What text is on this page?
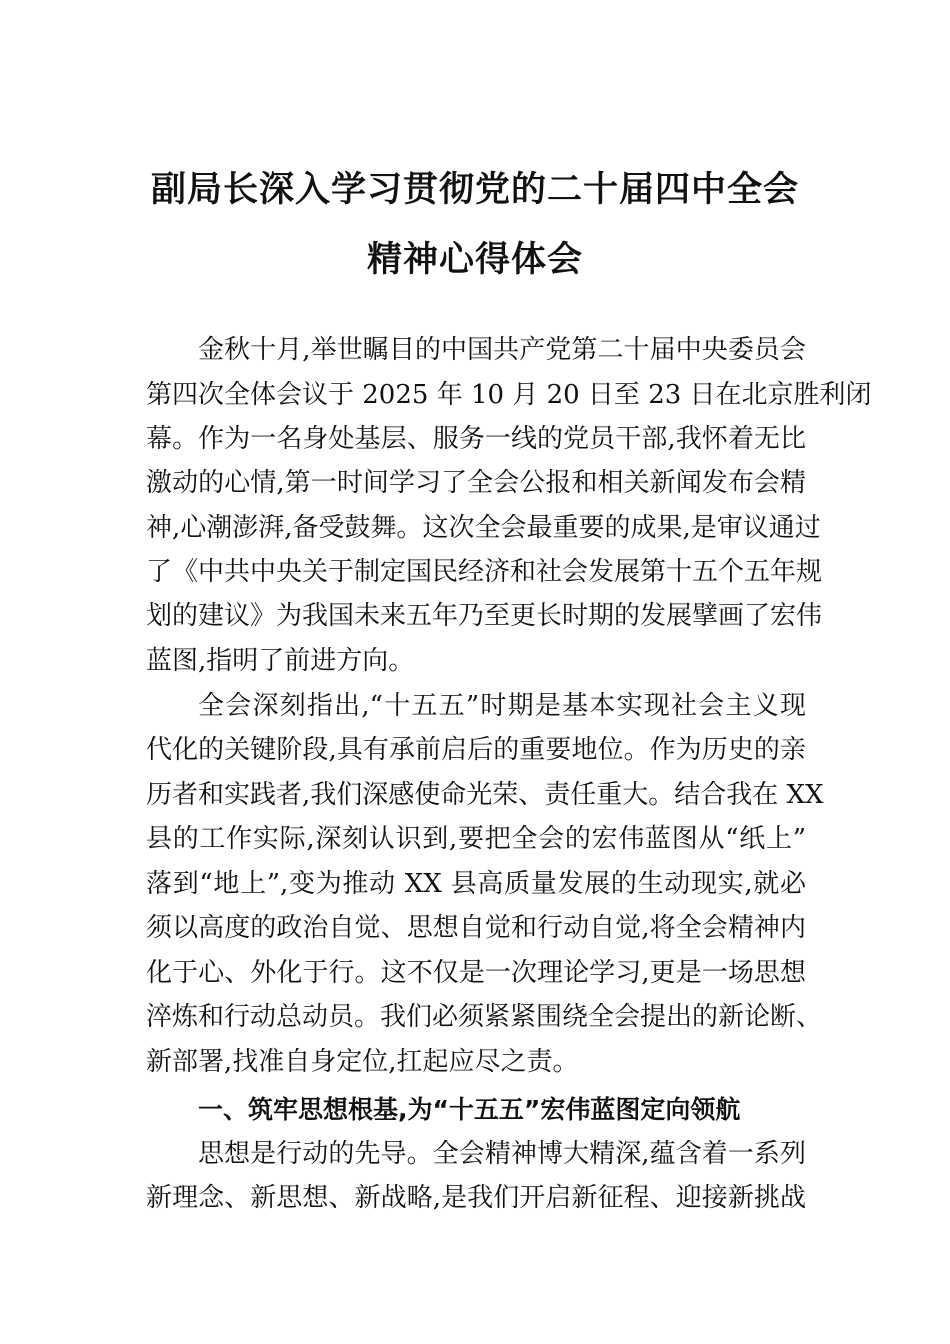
副局长深入学习贯彻党的二十届四中全会
精神心得体会
金秋十月,举世瞩目的中国共产党第二十届中央委员会
第四次全体会议于 2025 年 10 月 20 日至 23 日在北京胜利闭
幕。作为一名身处基层、服务一线的党员干部,我怀着无比
激动的心情,第一时间学习了全会公报和相关新闻发布会精
神,心潮澎湃,备受鼓舞。这次全会最重要的成果,是审议通过
了《中共中央关于制定国民经济和社会发展第十五个五年规
划的建议》为我国未来五年乃至更长时期的发展擘画了宏伟
蓝图,指明了前进方向。
全会深刻指出,“十五五”时期是基本实现社会主义现
代化的关键阶段,具有承前启后的重要地位。作为历史的亲
历者和实践者,我们深感使命光荣、责任重大。结合我在 XX
县的工作实际,深刻认识到,要把全会的宏伟蓝图从“纸上”
落到“地上”,变为推动 XX 县高质量发展的生动现实,就必
须以高度的政治自觉、思想自觉和行动自觉,将全会精神内
化于心、外化于行。这不仅是一次理论学习,更是一场思想
淬炼和行动总动员。我们必须紧紧围绕全会提出的新论断、
新部署,找准自身定位,扛起应尽之责。
一、筑牢思想根基,为“十五五”宏伟蓝图定向领航
思想是行动的先导。全会精神博大精深,蕴含着一系列
新理念、新思想、新战略,是我们开启新征程、迎接新挑战
